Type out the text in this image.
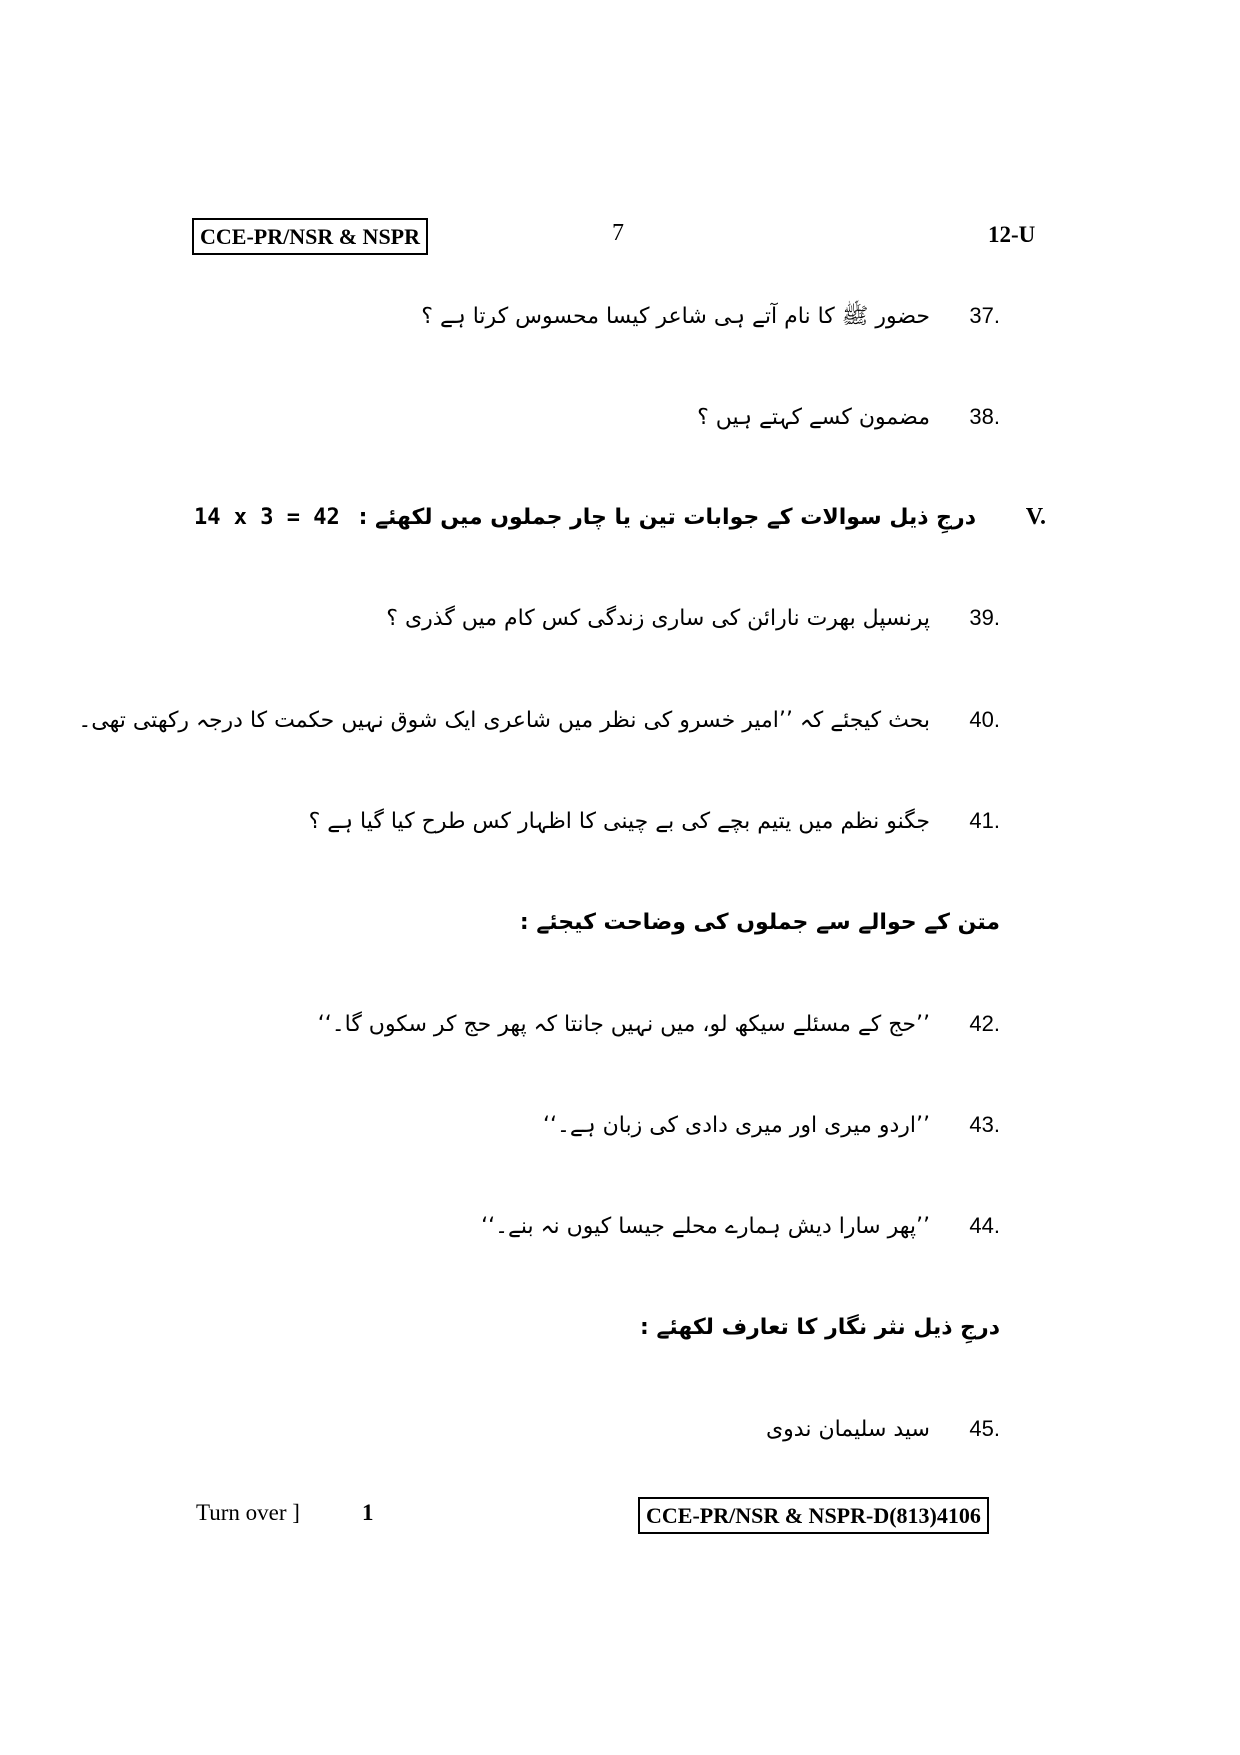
CCE-PR/NSR & NSPR	7	12-U
37.
حضور ﷺ کا نام آتے ہی شاعر کیسا محسوس کرتا ہے ؟
38.
مضمون کسے کہتے ہیں ؟
14 x 3 = 42	V.
درجِ ذیل سوالات کے جوابات تین یا چار جملوں میں لکھئے :
39.
پرنسپل بھرت نارائن کی ساری زندگی کس کام میں گذری ؟
40.
بحث کیجئے کہ ’’امیر خسرو کی نظر میں شاعری ایک شوق نہیں حکمت کا درجہ رکھتی تھی۔
41.
جگنو نظم میں یتیم بچے کی بے چینی کا اظہار کس طرح کیا گیا ہے ؟
متن کے حوالے سے جملوں کی وضاحت کیجئے :
42.
’’حج کے مسئلے سیکھ لو، میں نہیں جانتا کہ پھر حج کر سکوں گا۔‘‘
43.
’’اردو میری اور میری دادی کی زبان ہے۔‘‘
44.
’’پھر سارا دیش ہمارے محلے جیسا کیوں نہ بنے۔‘‘
درجِ ذیل نثر نگار کا تعارف لکھئے :
45.
سید سلیمان ندوی
Turn over ]	1	CCE-PR/NSR & NSPR-D(813)4106
